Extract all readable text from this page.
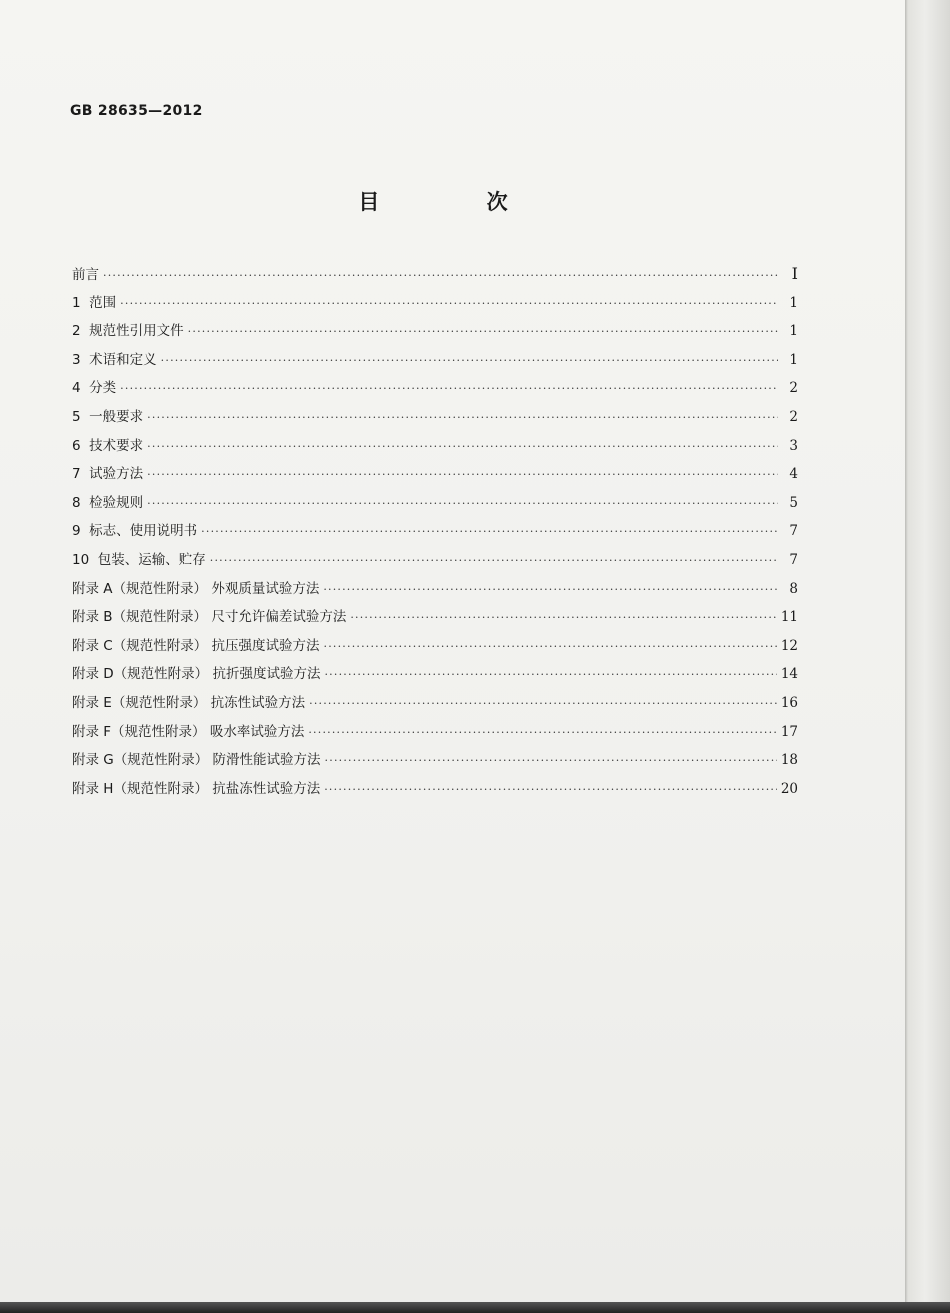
GB 28635—2012
目 次
前言 ·····	I
1  范围 ·····	1
2  规范性引用文件 ·····	1
3  术语和定义 ·····	1
4  分类 ·····	2
5  一般要求 ·····	2
6  技术要求 ·····	3
7  试验方法 ·····	4
8  检验规则 ·····	5
9  标志、使用说明书 ·····	7
10  包装、运输、贮存 ·····	7
附录 A（规范性附录） 外观质量试验方法 ·····	8
附录 B（规范性附录） 尺寸允许偏差试验方法 ·····	11
附录 C（规范性附录） 抗压强度试验方法 ·····	12
附录 D（规范性附录） 抗折强度试验方法 ·····	14
附录 E（规范性附录） 抗冻性试验方法 ·····	16
附录 F（规范性附录） 吸水率试验方法 ·····	17
附录 G（规范性附录） 防滑性能试验方法 ·····	18
附录 H（规范性附录） 抗盐冻性试验方法 ·····	20
